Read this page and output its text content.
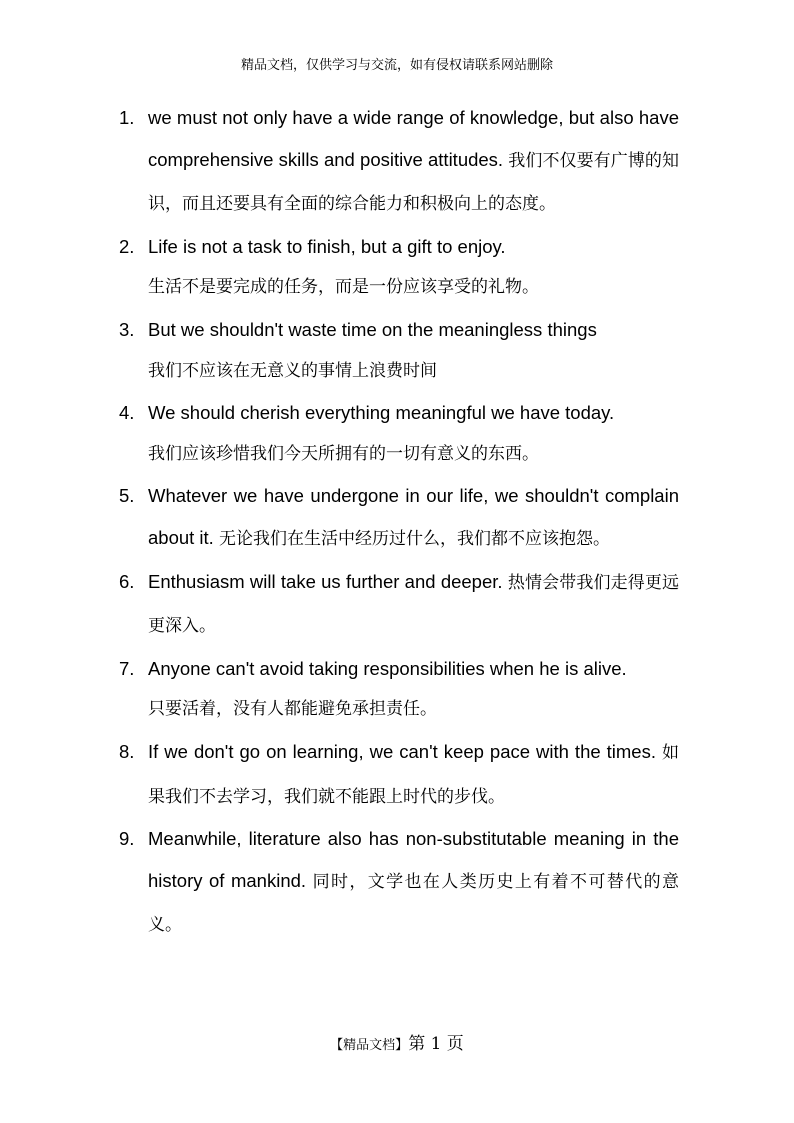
精品文档，仅供学习与交流，如有侵权请联系网站删除
1. we must not only have a wide range of knowledge, but also have comprehensive skills and positive attitudes. 我们不仅要有广博的知识，而且还要具有全面的综合能力和积极向上的态度。
2. Life is not a task to finish, but a gift to enjoy.
生活不是要完成的任务，而是一份应该享受的礼物。
3. But we shouldn't waste time on the meaningless things
我们不应该在无意义的事情上浪费时间
4. We should cherish everything meaningful we have today.
我们应该珍惜我们今天所拥有的一切有意义的东西。
5. Whatever we have undergone in our life, we shouldn't complain about it. 无论我们在生活中经历过什么，我们都不应该抱怨。
6. Enthusiasm will take us further and deeper. 热情会带我们走得更远更深入。
7. Anyone can't avoid taking responsibilities when he is alive.
只要活着，没有人都能避免承担责任。
8. If we don't go on learning, we can't keep pace with the times. 如果我们不去学习，我们就不能跟上时代的步伐。
9. Meanwhile, literature also has non-substitutable meaning in the history of mankind. 同时，文学也在人类历史上有着不可替代的意义。
【精品文档】第 1 页
